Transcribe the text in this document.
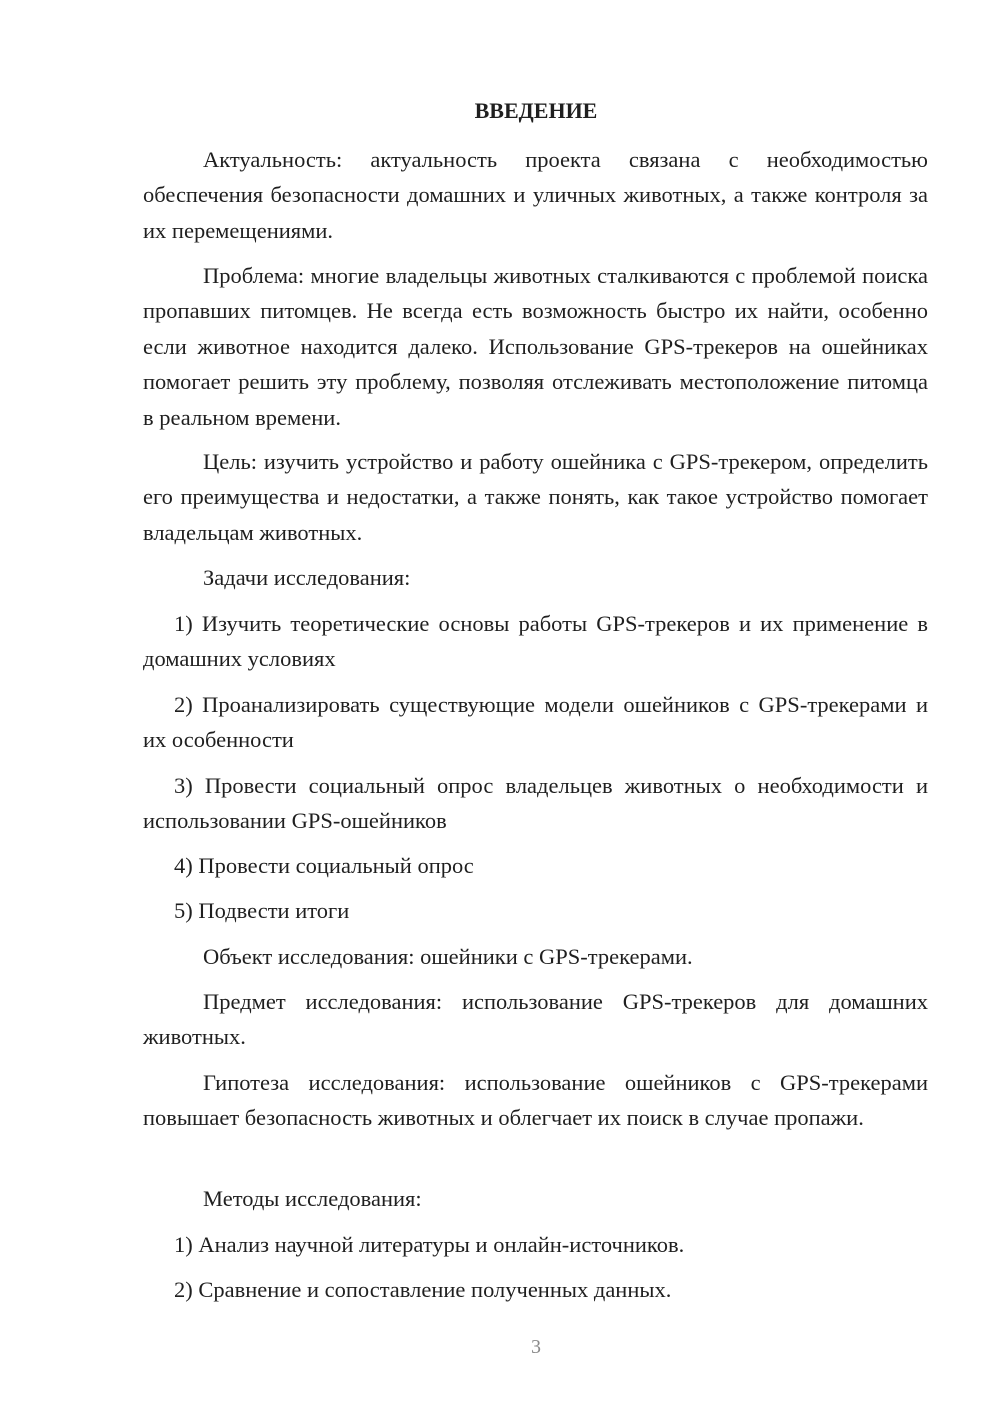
ВВЕДЕНИЕ
Актуальность: актуальность проекта связана с необходимостью обеспечения безопасности домашних и уличных животных, а также контроля за их перемещениями.
Проблема: многие владельцы животных сталкиваются с проблемой поиска пропавших питомцев. Не всегда есть возможность быстро их найти, особенно если животное находится далеко. Использование GPS-трекеров на ошейниках помогает решить эту проблему, позволяя отслеживать местоположение питомца в реальном времени.
Цель: изучить устройство и работу ошейника с GPS-трекером, определить его преимущества и недостатки, а также понять, как такое устройство помогает владельцам животных.
Задачи исследования:
1) Изучить теоретические основы работы GPS-трекеров и их применение в домашних условиях
2) Проанализировать существующие модели ошейников с GPS-трекерами и их особенности
3) Провести социальный опрос владельцев животных о необходимости и использовании GPS-ошейников
4) Провести социальный опрос
5) Подвести итоги
Объект исследования: ошейники с GPS-трекерами.
Предмет исследования: использование GPS-трекеров для домашних животных.
Гипотеза исследования: использование ошейников с GPS-трекерами повышает безопасность животных и облегчает их поиск в случае пропажи.
Методы исследования:
1) Анализ научной литературы и онлайн-источников.
2) Сравнение и сопоставление полученных данных.
3
